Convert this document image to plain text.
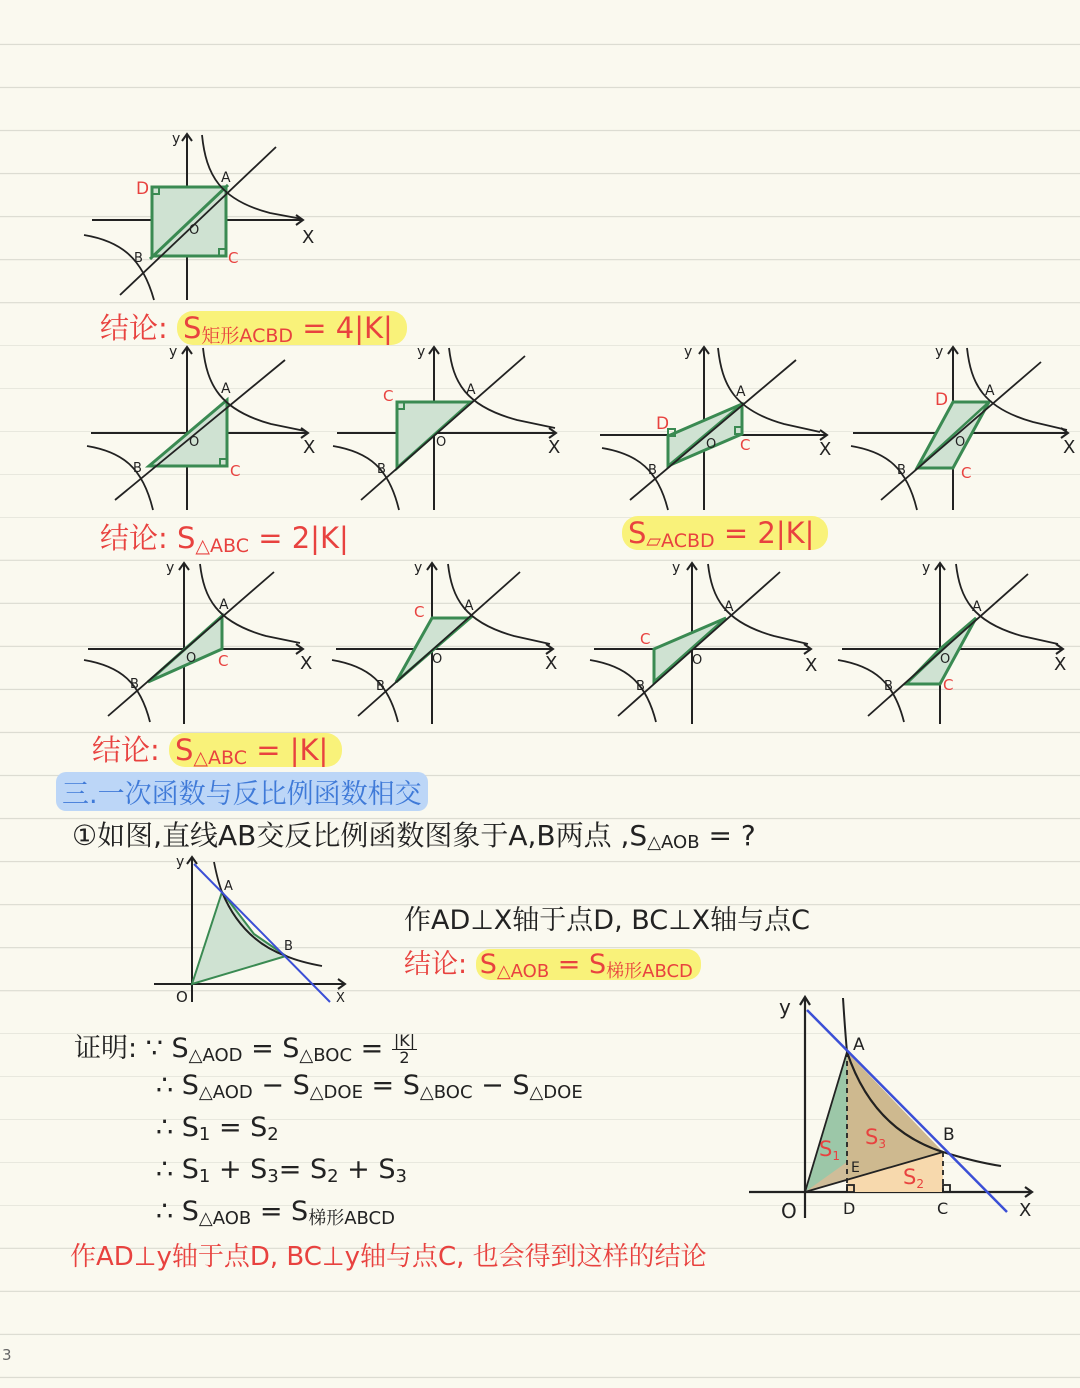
X
y
O
A
B	C
D
结论: $S_{矩形ACBD} = 4|K|$
X
y
O
A
B	C
X
y
O
A
B
C
X
y
O
A
B
C
D
X
y
O
A
B	C
D
结论: $S_{\triangle ABC} = 2|K|$	$S_{▱ACBD} = 2|K|$
X
y
O
A
B
C	X
y
O
A
B
C
X
y
O
A
B
C
X
y
O
A
B	C
结论: $S_{\triangle ABC} = |K|$
三.一次函数与反比例函数相交
①如图,直线AB交反比例函数图象于A,B两点 $,S_{\triangle AOB}$ = ?
y
X
O
A
B
作AD⊥X轴于点D, BC⊥X轴与点C
结论: $S_{\triangle AOB} = S_{梯形ABCD}$
证明: ∵ $S_{\triangle AOD} = S_{\triangle BOC} = \frac{|K|}{2}$
∴ $S_{\triangle AOD} - S_{\triangle DOE} = S_{\triangle BOC} - S_{\triangle DOE}$
∴ $S_1 = S_2$
∴ $S_1 + S_3= S_2 + S_3$
∴ $S_{\triangle AOB} = S_{梯形ABCD}$
y
X
O
A
B
D	C
E
S1
S3
S2
作AD⊥y轴于点D, BC⊥y轴与点C, 也会得到这样的结论
3
